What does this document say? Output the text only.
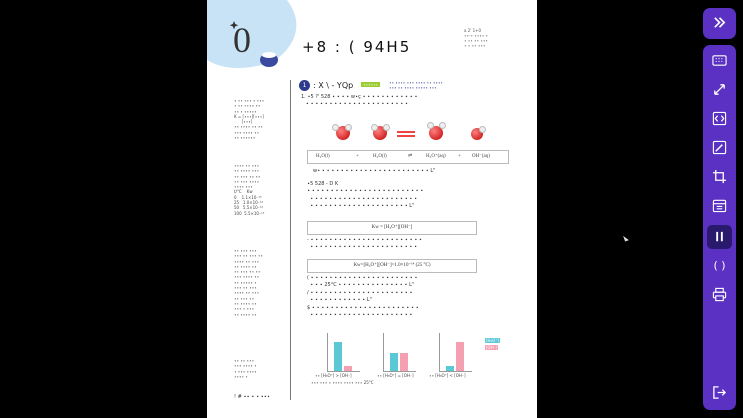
0	+8 : ( 94H5
a 2' 1+0
∙∙-∙ ∙∙∙∙ ∙
∙ ∙∙ ∙∙ ∙∙∙
∙ ∙ ∙∙ ∙∙∙
∙ ∙∙ ∙∙∙ ∙ ∙∙∙
∙ ∙∙ ∙∙∙∙ ∙∙
∙∙ ∙ ∙∙∙∙∙
K = [∙∙∙][∙∙∙]
[∙∙∙]
∙∙ ∙∙∙∙ ∙∙ ∙∙
∙∙∙ ∙∙∙∙ ∙∙
∙∙ ∙∙∙∙∙∙
∙∙∙∙ ∙∙ ∙∙∙
∙∙ ∙∙∙∙ ∙∙∙
∙∙ ∙∙∙ ∙∙ ∙∙
∙∙ ∙∙∙ ∙∙∙∙
∙∙∙∙ ∙∙∙
t/°C    Kw
0    1.1×10⁻¹⁵
25   1.0×10⁻¹⁴
50   5.5×10⁻¹⁴
100  5.5×10⁻¹³
∙∙ ∙∙∙ ∙∙∙
∙∙∙ ∙∙ ∙∙∙ ∙∙
∙∙∙∙ ∙∙ ∙∙∙
∙∙ ∙∙∙∙ ∙∙
∙∙ ∙∙∙ ∙∙ ∙∙
∙∙∙ ∙∙∙∙ ∙∙
∙∙ ∙∙∙∙∙ ∙
∙∙∙ ∙∙ ∙∙∙
∙∙∙∙ ∙∙ ∙∙∙
∙∙ ∙∙∙ ∙∙
∙∙ ∙∙∙∙ ∙∙
∙∙∙ ∙ ∙∙∙
∙∙ ∙∙∙∙ ∙∙
∙∙ ∙∙ ∙∙∙
∙∙∙ ∙∙∙∙ ∙
∙ ∙∙∙ ∙∙∙∙
∙∙∙∙ ∙
1 : X \ - YQp	∙∙∙∙∙∙	∙∙ ∙∙∙∙ ∙∙∙ ∙∙∙∙ ∙∙ ∙∙∙∙
∙∙∙ ∙∙ ∙∙∙∙ ∙∙∙∙∙ ∙∙∙
1. ∙5 ?' 528 ∙ ∙ ∙ ∙ w∙ç ∙ ∙ ∙ ∙ ∙ ∙ ∙ ∙ ∙ ∙ ∙ ∙
∙ ∙ ∙ ∙ ∙ ∙ ∙ ∙ ∙ ∙ ∙ ∙ ∙ ∙ ∙ ∙ ∙ ∙ ∙ ∙ ∙ ∙
H₂O(l)	+	H₂O(l)	⇌	H₃O⁺(aq) + OH⁻(aq)
w∙ ∙ ∙ ∙ ∙ ∙ ∙ ∙ ∙ ∙ ∙ ∙ ∙ ∙ ∙ ∙ ∙ ∙ ∙ ∙ ∙ ∙ ∙ ∙ L"
∙5 528 - D K
∙ ∙ ∙ ∙ ∙ ∙ ∙ ∙ ∙ ∙ ∙ ∙ ∙ ∙ ∙ ∙ ∙ ∙ ∙ ∙ ∙ ∙ ∙ ∙ ∙
∙ ∙ ∙ ∙ ∙ ∙ ∙ ∙ ∙ ∙ ∙ ∙ ∙ ∙ ∙ ∙ ∙ ∙ ∙ ∙ ∙ ∙ ∙
∙ ∙ ∙ ∙ ∙ ∙ ∙ ∙ ∙ ∙ ∙ ∙ ∙ ∙ ∙ ∙ ∙ ∙ ∙ ∙ ∙ L"
Kw = [H₃O⁺][OH⁻]
- ∙ ∙ ∙ ∙ ∙ ∙ ∙ ∙ ∙ ∙ ∙ ∙ ∙ ∙ ∙ ∙ ∙ ∙ ∙ ∙ ∙ ∙ ∙ ∙
∙ ∙ ∙ ∙ ∙ ∙ ∙ ∙ ∙ ∙ ∙ ∙ ∙ ∙ ∙ ∙ ∙ ∙ ∙ ∙ ∙ ∙ ∙
Kw=[H₃O⁺][OH⁻]=1.0×10⁻¹⁴ (25 °C)
( ∙ ∙ ∙ ∙ ∙ ∙ ∙ ∙ ∙ ∙ ∙ ∙ ∙ ∙ ∙ ∙ ∙ ∙ ∙ ∙ ∙ ∙ ∙
∙ ∙ ∙ 25°C ∙ ∙ ∙ ∙ ∙ ∙ ∙ ∙ ∙ ∙ ∙ ∙ ∙ ∙ ∙ L"
/ ∙ ∙ ∙ ∙ ∙ ∙ ∙ ∙ ∙ ∙ ∙ ∙ ∙ ∙ ∙ ∙ ∙ ∙ ∙ ∙ ∙ ∙
∙ ∙ ∙ ∙ ∙ ∙ ∙ ∙ ∙ ∙ ∙ ∙ L"
$ ∙ ∙ ∙ ∙ ∙ ∙ ∙ ∙ ∙ ∙ ∙ ∙ ∙ ∙ ∙ ∙ ∙ ∙ ∙ ∙ ∙ ∙ ∙
∙ ∙ ∙ ∙ ∙ ∙ ∙ ∙ ∙ ∙ ∙ ∙ ∙ ∙ ∙ ∙ ∙ ∙ ∙ ∙ ∙ ∙
[H₃O⁺]
[OH⁻]
∙∙ [H₃O⁺] > [OH⁻]	∙∙ [H₃O⁺] = [OH⁻]	∙∙ [H₃O⁺] < [OH⁻]
∙∙∙ ∙∙∙ ∙ ∙∙∙∙ ∙∙∙∙ ∙∙∙ 25°C
! # ∙∙ ∙ ∙ ∙∙∙
( )
